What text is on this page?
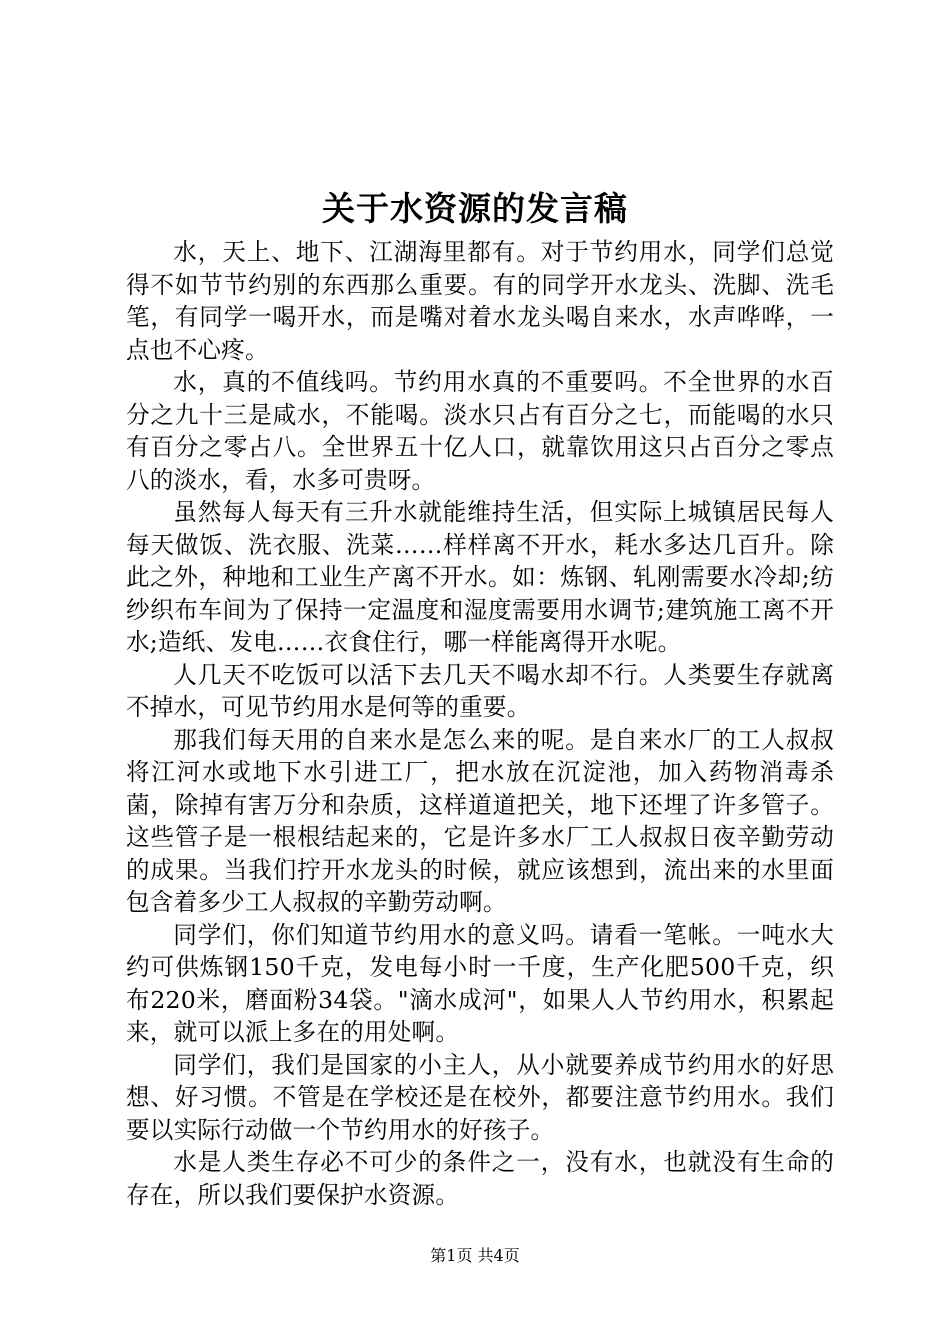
关于水资源的发言稿

水，天上、地下、江湖海里都有。对于节约用水，同学们总觉得不如节节约别的东西那么重要。有的同学开水龙头、洗脚、洗毛笔，有同学一喝开水，而是嘴对着水龙头喝自来水，水声哗哗，一点也不心疼。

水，真的不值线吗。节约用水真的不重要吗。不全世界的水百分之九十三是咸水，不能喝。淡水只占有百分之七，而能喝的水只有百分之零占八。全世界五十亿人口，就靠饮用这只占百分之零点八的淡水，看，水多可贵呀。

虽然每人每天有三升水就能维持生活，但实际上城镇居民每人每天做饭、洗衣服、洗菜……样样离不开水，耗水多达几百升。除此之外，种地和工业生产离不开水。如：炼钢、轧刚需要水冷却;纺纱织布车间为了保持一定温度和湿度需要用水调节;建筑施工离不开水;造纸、发电……衣食住行，哪一样能离得开水呢。

人几天不吃饭可以活下去几天不喝水却不行。人类要生存就离不掉水，可见节约用水是何等的重要。

那我们每天用的自来水是怎么来的呢。是自来水厂的工人叔叔将江河水或地下水引进工厂，把水放在沉淀池，加入药物消毒杀菌，除掉有害万分和杂质，这样道道把关，地下还埋了许多管子。这些管子是一根根结起来的，它是许多水厂工人叔叔日夜辛勤劳动的成果。当我们拧开水龙头的时候，就应该想到，流出来的水里面包含着多少工人叔叔的辛勤劳动啊。

同学们，你们知道节约用水的意义吗。请看一笔帐。一吨水大约可供炼钢150千克，发电每小时一千度，生产化肥500千克，织布220米，磨面粉34袋。"滴水成河"，如果人人节约用水，积累起来，就可以派上多在的用处啊。

同学们，我们是国家的小主人，从小就要养成节约用水的好思想、好习惯。不管是在学校还是在校外，都要注意节约用水。我们要以实际行动做一个节约用水的好孩子。

水是人类生存必不可少的条件之一，没有水，也就没有生命的存在，所以我们要保护水资源。

第1页 共4页
